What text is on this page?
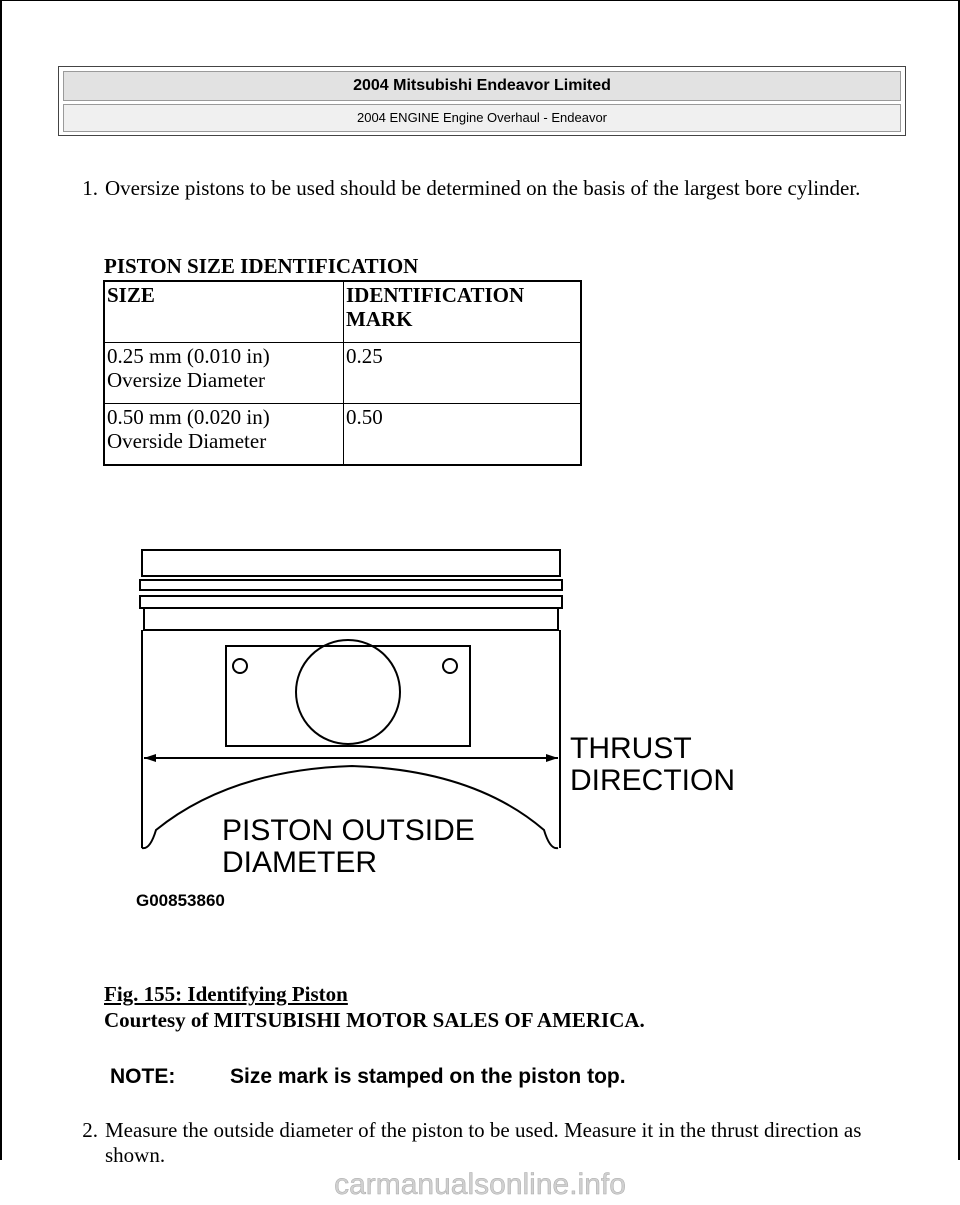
2004 Mitsubishi Endeavor Limited
2004 ENGINE Engine Overhaul - Endeavor
1. Oversize pistons to be used should be determined on the basis of the largest bore cylinder.
PISTON SIZE IDENTIFICATION
SIZE	IDENTIFICATION MARK
0.25 mm (0.010 in) Oversize Diameter	0.25
0.50 mm (0.020 in) Overside Diameter	0.50
THRUST
DIRECTION
PISTON OUTSIDE
DIAMETER
G00853860
Fig. 155: Identifying Piston
Courtesy of MITSUBISHI MOTOR SALES OF AMERICA.
NOTE:	Size mark is stamped on the piston top.
2. Measure the outside diameter of the piston to be used. Measure it in the thrust direction as shown.
carmanualsonline.info
